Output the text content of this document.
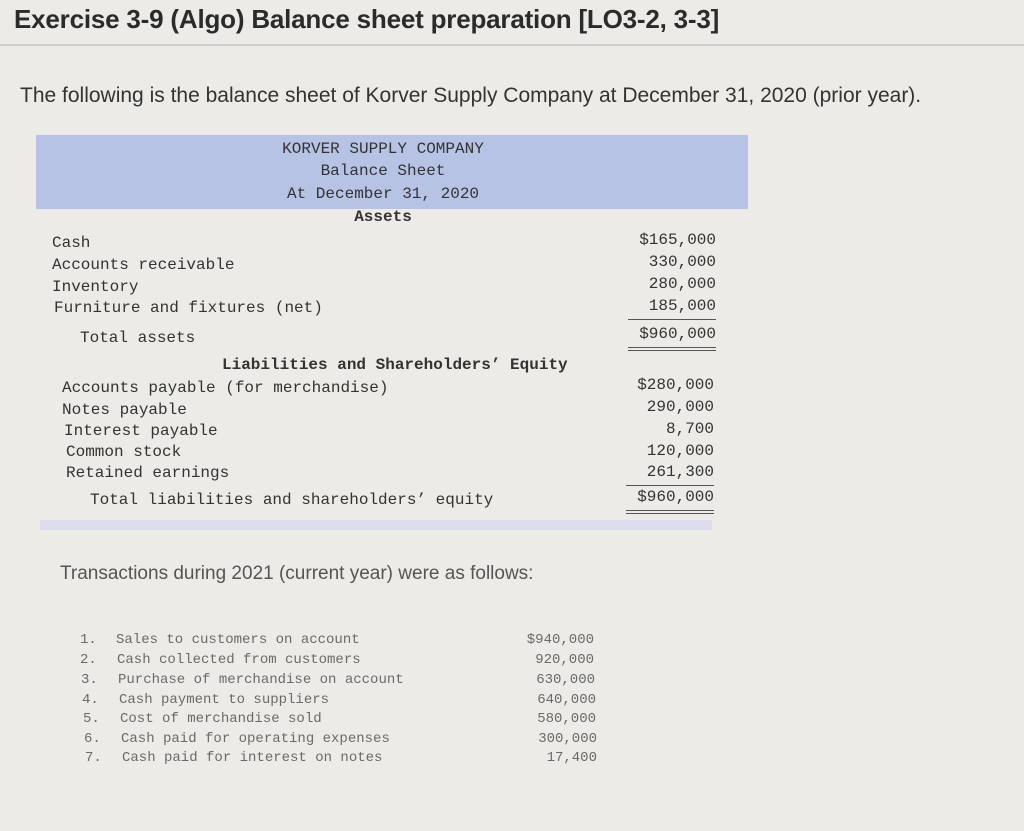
Exercise 3-9 (Algo) Balance sheet preparation [LO3-2, 3-3]
The following is the balance sheet of Korver Supply Company at December 31, 2020 (prior year).
KORVER SUPPLY COMPANY
Balance Sheet
At December 31, 2020
Assets
Cash	$165,000
Accounts receivable	330,000
Inventory	280,000
Furniture and fixtures (net)	185,000
Total assets	$960,000
Liabilities and Shareholders’ Equity
Accounts payable (for merchandise)	$280,000
Notes payable	290,000
Interest payable	8,700
Common stock	120,000
Retained earnings	261,300
Total liabilities and shareholders’ equity	$960,000
Transactions during 2021 (current year) were as follows:
1. Sales to customers on account	$940,000
2. Cash collected from customers	920,000
3. Purchase of merchandise on account	630,000
4. Cash payment to suppliers	640,000
5. Cost of merchandise sold	580,000
6. Cash paid for operating expenses	300,000
7. Cash paid for interest on notes	17,400
